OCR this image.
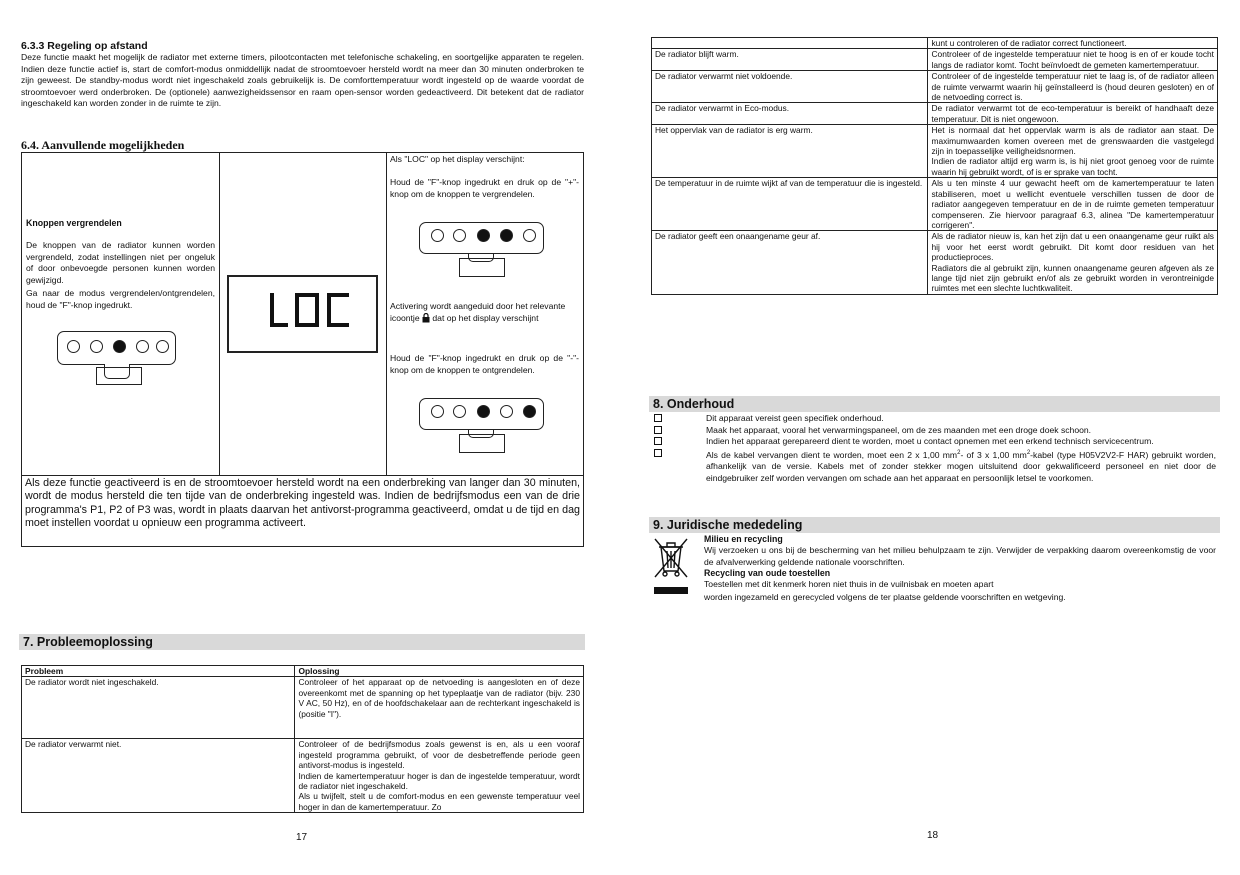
6.3.3 Regeling op afstand
Deze functie maakt het mogelijk de radiator met externe timers, pilootcontacten met telefonische schakeling, en soortgelijke apparaten te regelen. Indien deze functie actief is, start de comfort-modus onmiddellijk nadat de stroomtoevoer hersteld wordt na meer dan 30 minuten onderbroken te zijn geweest. De standby-modus wordt niet ingeschakeld zoals gebruikelijk is. De comforttemperatuur wordt ingesteld op de waarde voordat de stroomtoevoer werd onderbroken. De (optionele) aanwezigheidssensor en raam open-sensor worden gedeactiveerd. Dit betekent dat de radiator ingeschakeld kan worden zonder in de ruimte te zijn.
6.4. Aanvullende mogelijkheden
Knoppen vergrendelen
De knoppen van de radiator kunnen worden vergrendeld, zodat instellingen niet per ongeluk of door onbevoegde personen kunnen worden gewijzigd.
Ga naar de modus vergrendelen/ontgrendelen, houd de "F"-knop ingedrukt.
Als "LOC" op het display verschijnt:
Houd de "F"-knop ingedrukt en druk op de "+"-knop om de knoppen te vergrendelen.
Activering wordt aangeduid door het relevante icoontje dat op het display verschijnt
Houd de "F"-knop ingedrukt en druk op de "-"-knop om de knoppen te ontgrendelen.
Als deze functie geactiveerd is en de stroomtoevoer hersteld wordt na een onderbreking van langer dan 30 minuten, wordt de modus hersteld die ten tijde van de onderbreking ingesteld was. Indien de bedrijfsmodus een van de drie programma's P1, P2 of P3 was, wordt in plaats daarvan het antivorst-programma geactiveerd, omdat u de tijd en dag moet instellen voordat u opnieuw een programma activeert.
7. Probleemoplossing
Probleem	Oplossing
De radiator wordt niet ingeschakeld.	Controleer of het apparaat op de netvoeding is aangesloten en of deze overeenkomt met de spanning op het typeplaatje van de radiator (bijv. 230 V AC, 50 Hz), en of de hoofdschakelaar aan de rechterkant ingeschakeld is (positie "I").
De radiator verwarmt niet.	Controleer of de bedrijfsmodus zoals gewenst is en, als u een vooraf ingesteld programma gebruikt, of voor de desbetreffende periode geen antivorst-modus is ingesteld.
Indien de kamertemperatuur hoger is dan de ingestelde temperatuur, wordt de radiator niet ingeschakeld.
Als u twijfelt, stelt u de comfort-modus en een gewenste temperatuur veel hoger in dan de kamertemperatuur. Zo
17
	kunt u controleren of de radiator correct functioneert.
De radiator blijft warm.	Controleer of de ingestelde temperatuur niet te hoog is en of er koude tocht langs de radiator komt. Tocht beïnvloedt de gemeten kamertemperatuur.
De radiator verwarmt niet voldoende.	Controleer of de ingestelde temperatuur niet te laag is, of de radiator alleen de ruimte verwarmt waarin hij geïnstalleerd is (houd deuren gesloten) en of de netvoeding correct is.
De radiator verwarmt in Eco-modus.	De radiator verwarmt tot de eco-temperatuur is bereikt of handhaaft deze temperatuur. Dit is niet ongewoon.
Het oppervlak van de radiator is erg warm.	Het is normaal dat het oppervlak warm is als de radiator aan staat. De maximumwaarden komen overeen met de grenswaarden die vastgelegd zijn in toepasselijke veiligheidsnormen.
Indien de radiator altijd erg warm is, is hij niet groot genoeg voor de ruimte waarin hij gebruikt wordt, of is er sprake van tocht.
De temperatuur in de ruimte wijkt af van de temperatuur die is ingesteld.	Als u ten minste 4 uur gewacht heeft om de kamertemperatuur te laten stabiliseren, moet u wellicht eventuele verschillen tussen de door de radiator aangegeven temperatuur en de in de ruimte gemeten temperatuur compenseren. Zie hiervoor paragraaf 6.3, alinea "De kamertemperatuur corrigeren".
De radiator geeft een onaangename geur af.	Als de radiator nieuw is, kan het zijn dat u een onaangename geur ruikt als hij voor het eerst wordt gebruikt. Dit komt door residuen van het productieproces.
Radiators die al gebruikt zijn, kunnen onaangename geuren afgeven als ze lange tijd niet zijn gebruikt en/of als ze gebruikt worden in verontreinigde ruimtes met een slechte luchtkwaliteit.
8. Onderhoud
Dit apparaat vereist geen specifiek onderhoud.
Maak het apparaat, vooral het verwarmingspaneel, om de zes maanden met een droge doek schoon.
Indien het apparaat gerepareerd dient te worden, moet u contact opnemen met een erkend technisch servicecentrum.
Als de kabel vervangen dient te worden, moet een 2 x 1,00 $mm^2-$ of 3 x 1,00 $mm^2$-kabel (type H05V2V2-F HAR) gebruikt worden, afhankelijk van de versie. Kabels met of zonder stekker mogen uitsluitend door gekwalificeerd personeel en niet door de eindgebruiker zelf worden vervangen om schade aan het apparaat en persoonlijk letsel te voorkomen.
9. Juridische mededeling
Milieu en recycling
Wij verzoeken u ons bij de bescherming van het milieu behulpzaam te zijn. Verwijder de verpakking daarom overeenkomstig de voor de afvalverwerking geldende nationale voorschriften.
Recycling van oude toestellen
Toestellen met dit kenmerk horen niet thuis in de vuilnisbak en moeten apart
worden ingezameld en gerecycled volgens de ter plaatse geldende voorschriften en wetgeving.
18
